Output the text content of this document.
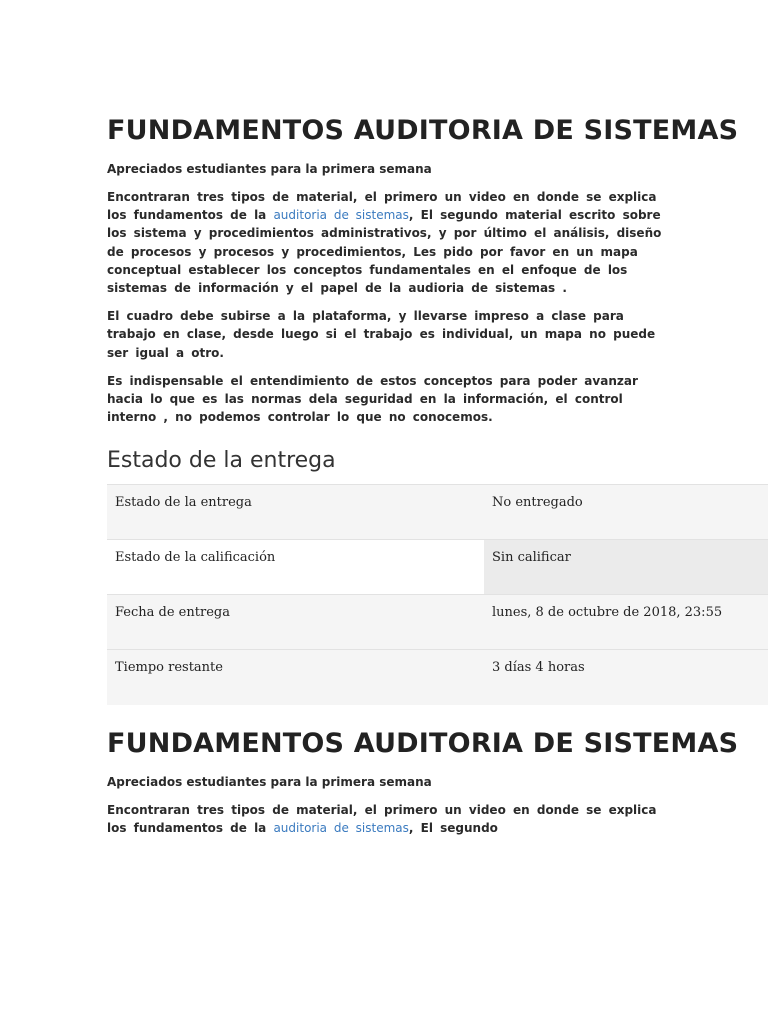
FUNDAMENTOS AUDITORIA DE SISTEMAS

Apreciados estudiantes para la primera semana

Encontraran tres tipos de material, el primero un video en donde se explica los fundamentos de la auditoria de sistemas, El segundo material escrito sobre los sistema y procedimientos administrativos, y por último el análisis, diseño de procesos y procesos y procedimientos, Les pido por favor en un mapa conceptual establecer los conceptos fundamentales en el enfoque de los sistemas de información y el papel de la audioria de sistemas .

El cuadro debe subirse a la plataforma, y llevarse impreso a clase para trabajo en clase, desde luego si el trabajo es individual, un mapa no puede ser igual a otro.

Es indispensable el entendimiento de estos conceptos para poder avanzar hacia lo que es las normas dela seguridad en la información, el control interno , no podemos controlar lo que no conocemos.

Estado de la entrega
Estado de la entrega	No entregado
Estado de la calificación	Sin calificar
Fecha de entrega	lunes, 8 de octubre de 2018, 23:55
Tiempo restante	3 días 4 horas
FUNDAMENTOS AUDITORIA DE SISTEMAS

Apreciados estudiantes para la primera semana

Encontraran tres tipos de material, el primero un video en donde se explica los fundamentos de la auditoria de sistemas, El segundo
